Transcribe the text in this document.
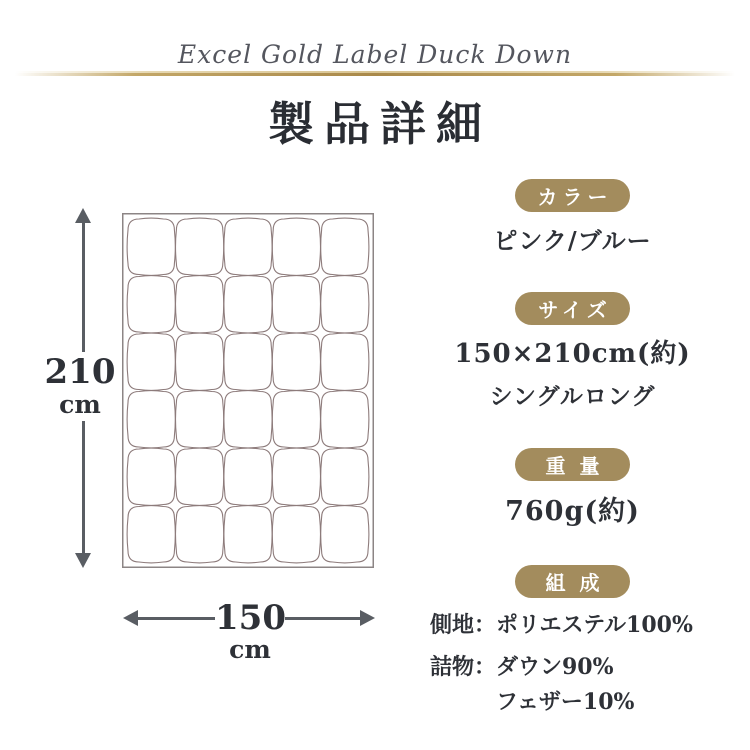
Excel Gold Label Duck Down
製品詳細
210
cm
150
cm
カラー
ピンク/ブルー
サイズ
150×210cm(約)
シングルロング
重量
760g(約)
組成
側地：ポリエステル100%
詰物：ダウン90%
フェザー10%
